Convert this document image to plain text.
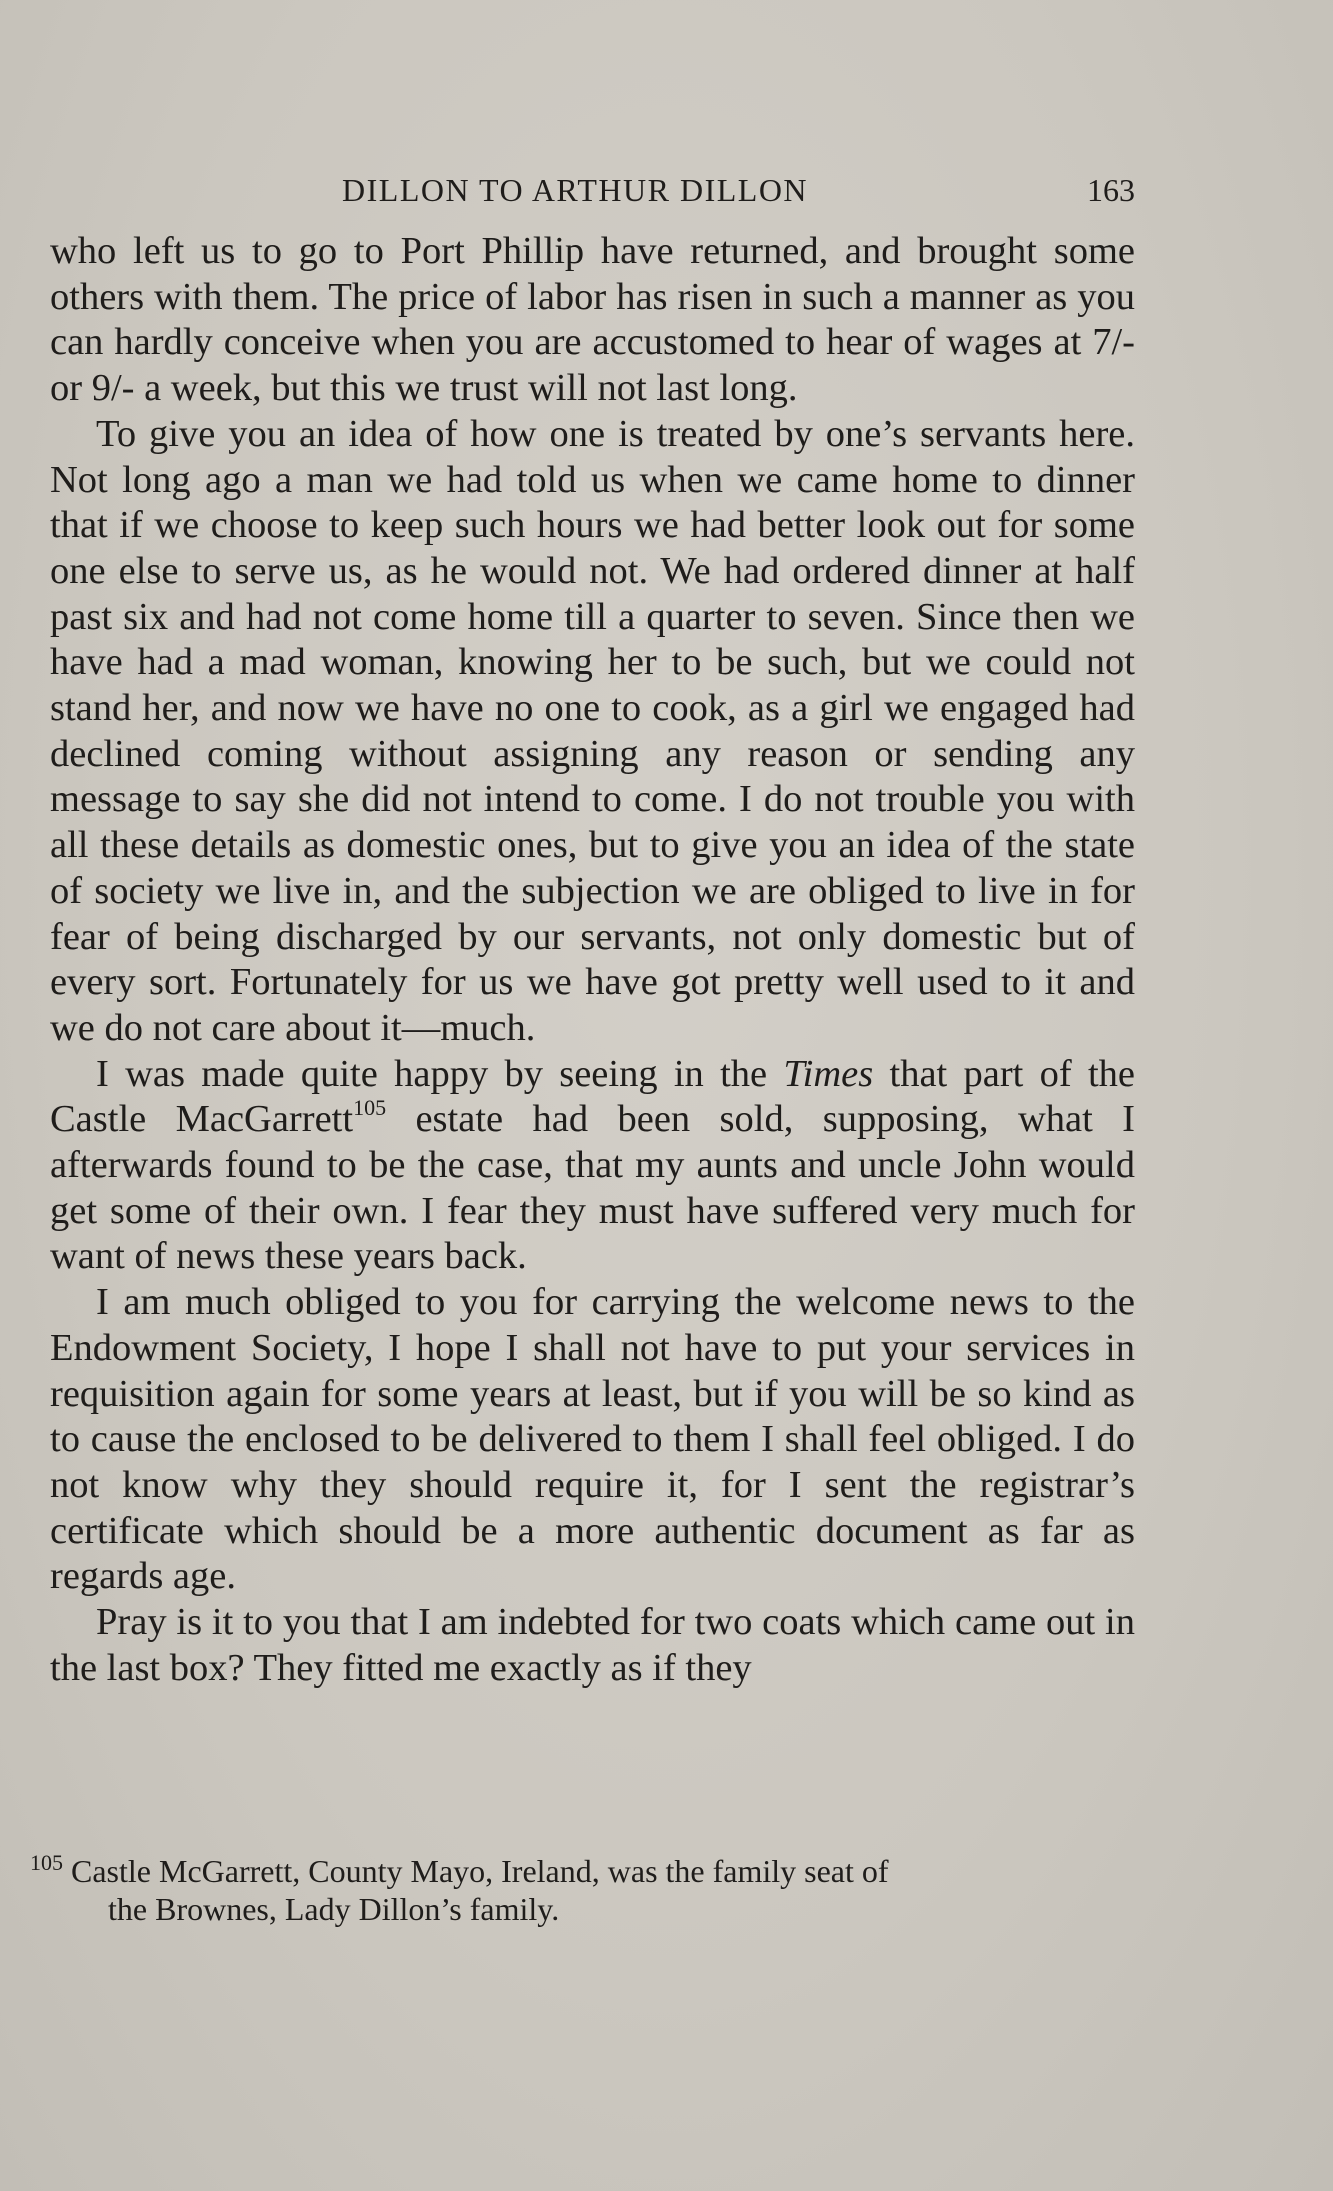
DILLON TO ARTHUR DILLON	163

who left us to go to Port Phillip have returned, and brought some others with them. The price of labor has risen in such a manner as you can hardly conceive when you are accustomed to hear of wages at 7/- or 9/- a week, but this we trust will not last long.

To give you an idea of how one is treated by one’s servants here. Not long ago a man we had told us when we came home to dinner that if we choose to keep such hours we had better look out for some one else to serve us, as he would not. We had ordered dinner at half past six and had not come home till a quarter to seven. Since then we have had a mad woman, knowing her to be such, but we could not stand her, and now we have no one to cook, as a girl we engaged had declined coming without assigning any reason or sending any message to say she did not intend to come. I do not trouble you with all these details as domestic ones, but to give you an idea of the state of society we live in, and the subjection we are obliged to live in for fear of being discharged by our servants, not only domestic but of every sort. Fortunately for us we have got pretty well used to it and we do not care about it—much.

I was made quite happy by seeing in the Times that part of the Castle MacGarrett$^{105}$ estate had been sold, supposing, what I afterwards found to be the case, that my aunts and uncle John would get some of their own. I fear they must have suffered very much for want of news these years back.

I am much obliged to you for carrying the welcome news to the Endowment Society, I hope I shall not have to put your services in requisition again for some years at least, but if you will be so kind as to cause the enclosed to be delivered to them I shall feel obliged. I do not know why they should require it, for I sent the registrar’s certificate which should be a more authentic document as far as regards age.

Pray is it to you that I am indebted for two coats which came out in the last box? They fitted me exactly as if they

$^{105}$ Castle McGarrett, County Mayo, Ireland, was the family seat of
the Brownes, Lady Dillon’s family.
